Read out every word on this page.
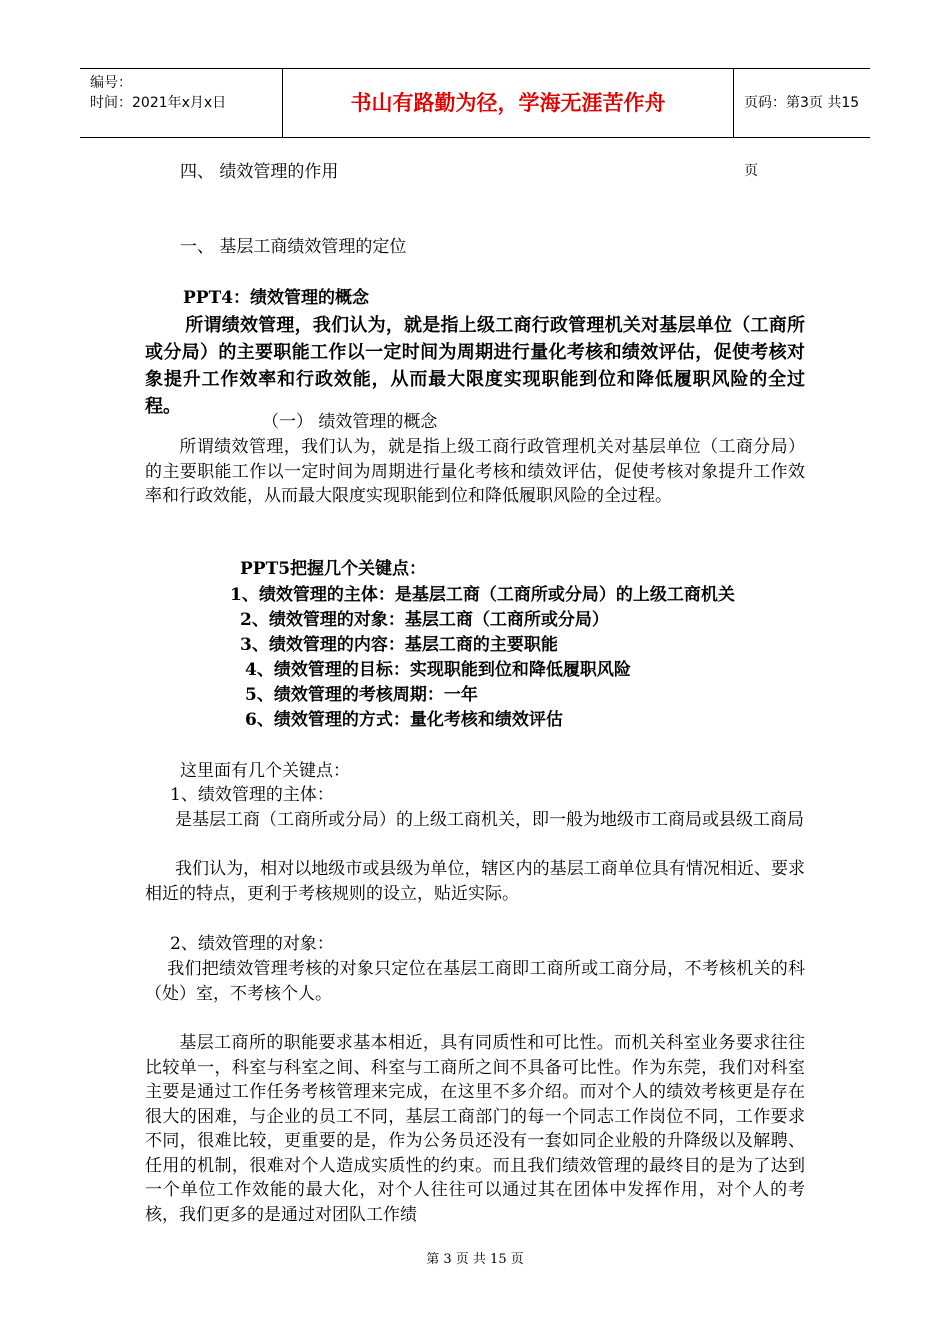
编号：
时间：2021年x月x日	书山有路勤为径，学海无涯苦作舟	页码：第3页 共15页
四、 绩效管理的作用
一、 基层工商绩效管理的定位
PPT4：绩效管理的概念
所谓绩效管理，我们认为，就是指上级工商行政管理机关对基层单位（工商所或分局）的主要职能工作以一定时间为周期进行量化考核和绩效评估，促使考核对象提升工作效率和行政效能，从而最大限度实现职能到位和降低履职风险的全过程。
（一） 绩效管理的概念
所谓绩效管理，我们认为，就是指上级工商行政管理机关对基层单位（工商分局）的主要职能工作以一定时间为周期进行量化考核和绩效评估，促使考核对象提升工作效率和行政效能，从而最大限度实现职能到位和降低履职风险的全过程。
PPT5把握几个关键点：
1、绩效管理的主体：是基层工商（工商所或分局）的上级工商机关
2、绩效管理的对象：基层工商（工商所或分局）
3、绩效管理的内容：基层工商的主要职能
4、绩效管理的目标：实现职能到位和降低履职风险
5、绩效管理的考核周期：一年
6、绩效管理的方式：量化考核和绩效评估
这里面有几个关键点：
1、绩效管理的主体：
是基层工商（工商所或分局）的上级工商机关，即一般为地级市工商局或县级工商局
我们认为，相对以地级市或县级为单位，辖区内的基层工商单位具有情况相近、要求相近的特点，更利于考核规则的设立，贴近实际。
2、绩效管理的对象：
我们把绩效管理考核的对象只定位在基层工商即工商所或工商分局，不考核机关的科（处）室，不考核个人。
基层工商所的职能要求基本相近，具有同质性和可比性。而机关科室业务要求往往比较单一，科室与科室之间、科室与工商所之间不具备可比性。作为东莞，我们对科室主要是通过工作任务考核管理来完成，在这里不多介绍。而对个人的绩效考核更是存在很大的困难，与企业的员工不同，基层工商部门的每一个同志工作岗位不同，工作要求不同，很难比较，更重要的是，作为公务员还没有一套如同企业般的升降级以及解聘、任用的机制，很难对个人造成实质性的约束。而且我们绩效管理的最终目的是为了达到一个单位工作效能的最大化，对个人往往可以通过其在团体中发挥作用，对个人的考核，我们更多的是通过对团队工作绩
第 3 页 共 15 页
